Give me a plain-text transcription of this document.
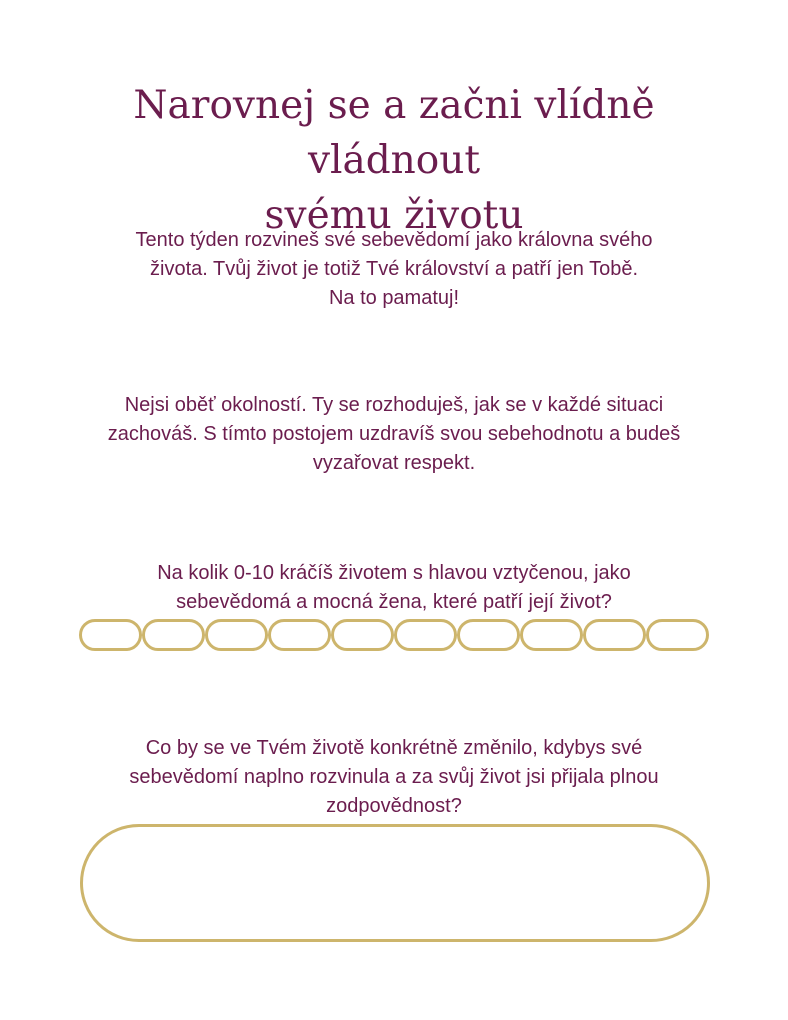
Narovnej se a začni vlídně vládnout
svému životu

Tento týden rozvineš své sebevědomí jako královna svého
života. Tvůj život je totiž Tvé království a patří jen Tobě.
Na to pamatuj!

Nejsi oběť okolností. Ty se rozhoduješ, jak se v každé situaci
zachováš. S tímto postojem uzdravíš svou sebehodnotu a budeš
vyzařovat respekt.

Na kolik 0-10 kráčíš životem s hlavou vztyčenou, jako
sebevědomá a mocná žena, které patří její život?

Co by se ve Tvém životě konkrétně změnilo, kdybys své
sebevědomí naplno rozvinula a za svůj život jsi přijala plnou
zodpovědnost?
